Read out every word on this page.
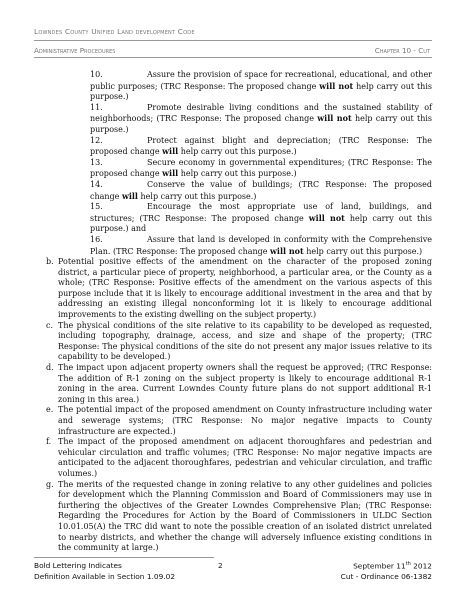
Lowndes County Unified Land development Code
Administrative Procedures	Chapter 10 - Cut
10.	Assure the provision of space for recreational, educational, and other public purposes; (TRC Response: The proposed change will not help carry out this purpose.)
11.	Promote desirable living conditions and the sustained stability of neighborhoods; (TRC Response: The proposed change will not help carry out this purpose.)
12.	Protect against blight and depreciation; (TRC Response: The proposed change will help carry out this purpose.)
13.	Secure economy in governmental expenditures; (TRC Response: The proposed change will help carry out this purpose.)
14.	Conserve the value of buildings; (TRC Response: The proposed change will help carry out this purpose.)
15.	Encourage the most appropriate use of land, buildings, and structures; (TRC Response: The proposed change will not help carry out this purpose.) and
16.	Assure that land is developed in conformity with the Comprehensive Plan. (TRC Response: The proposed change will not help carry out this purpose.)
b. Potential positive effects of the amendment on the character of the proposed zoning district, a particular piece of property, neighborhood, a particular area, or the County as a whole; (TRC Response: Positive effects of the amendment on the various aspects of this purpose include that it is likely to encourage additional investment in the area and that by addressing an existing illegal nonconforming lot it is likely to encourage additional improvements to the existing dwelling on the subject property.)
c. The physical conditions of the site relative to its capability to be developed as requested, including topography, drainage, access, and size and shape of the property; (TRC Response: The physical conditions of the site do not present any major issues relative to its capability to be developed.)
d. The impact upon adjacent property owners shall the request be approved; (TRC Response: The addition of R-1 zoning on the subject property is likely to encourage additional R-1 zoning in the area. Current Lowndes County future plans do not support additional R-1 zoning in this area.)
e. The potential impact of the proposed amendment on County infrastructure including water and sewerage systems; (TRC Response: No major negative impacts to County infrastructure are expected.)
f. The impact of the proposed amendment on adjacent thoroughfares and pedestrian and vehicular circulation and traffic volumes; (TRC Response: No major negative impacts are anticipated to the adjacent thoroughfares, pedestrian and vehicular circulation, and traffic volumes.)
g. The merits of the requested change in zoning relative to any other guidelines and policies for development which the Planning Commission and Board of Commissioners may use in furthering the objectives of the Greater Lowndes Comprehensive Plan; (TRC Response: Regarding the Procedures for Action by the Board of Commissioners in ULDC Section 10.01.05(A) the TRC did want to note the possible creation of an isolated district unrelated to nearby districts, and whether the change will adversely influence existing conditions in the community at large.)
Bold Lettering Indicates	2	September 11th 2012
Definition Available in Section 1.09.02	Cut - Ordinance 06-1382
